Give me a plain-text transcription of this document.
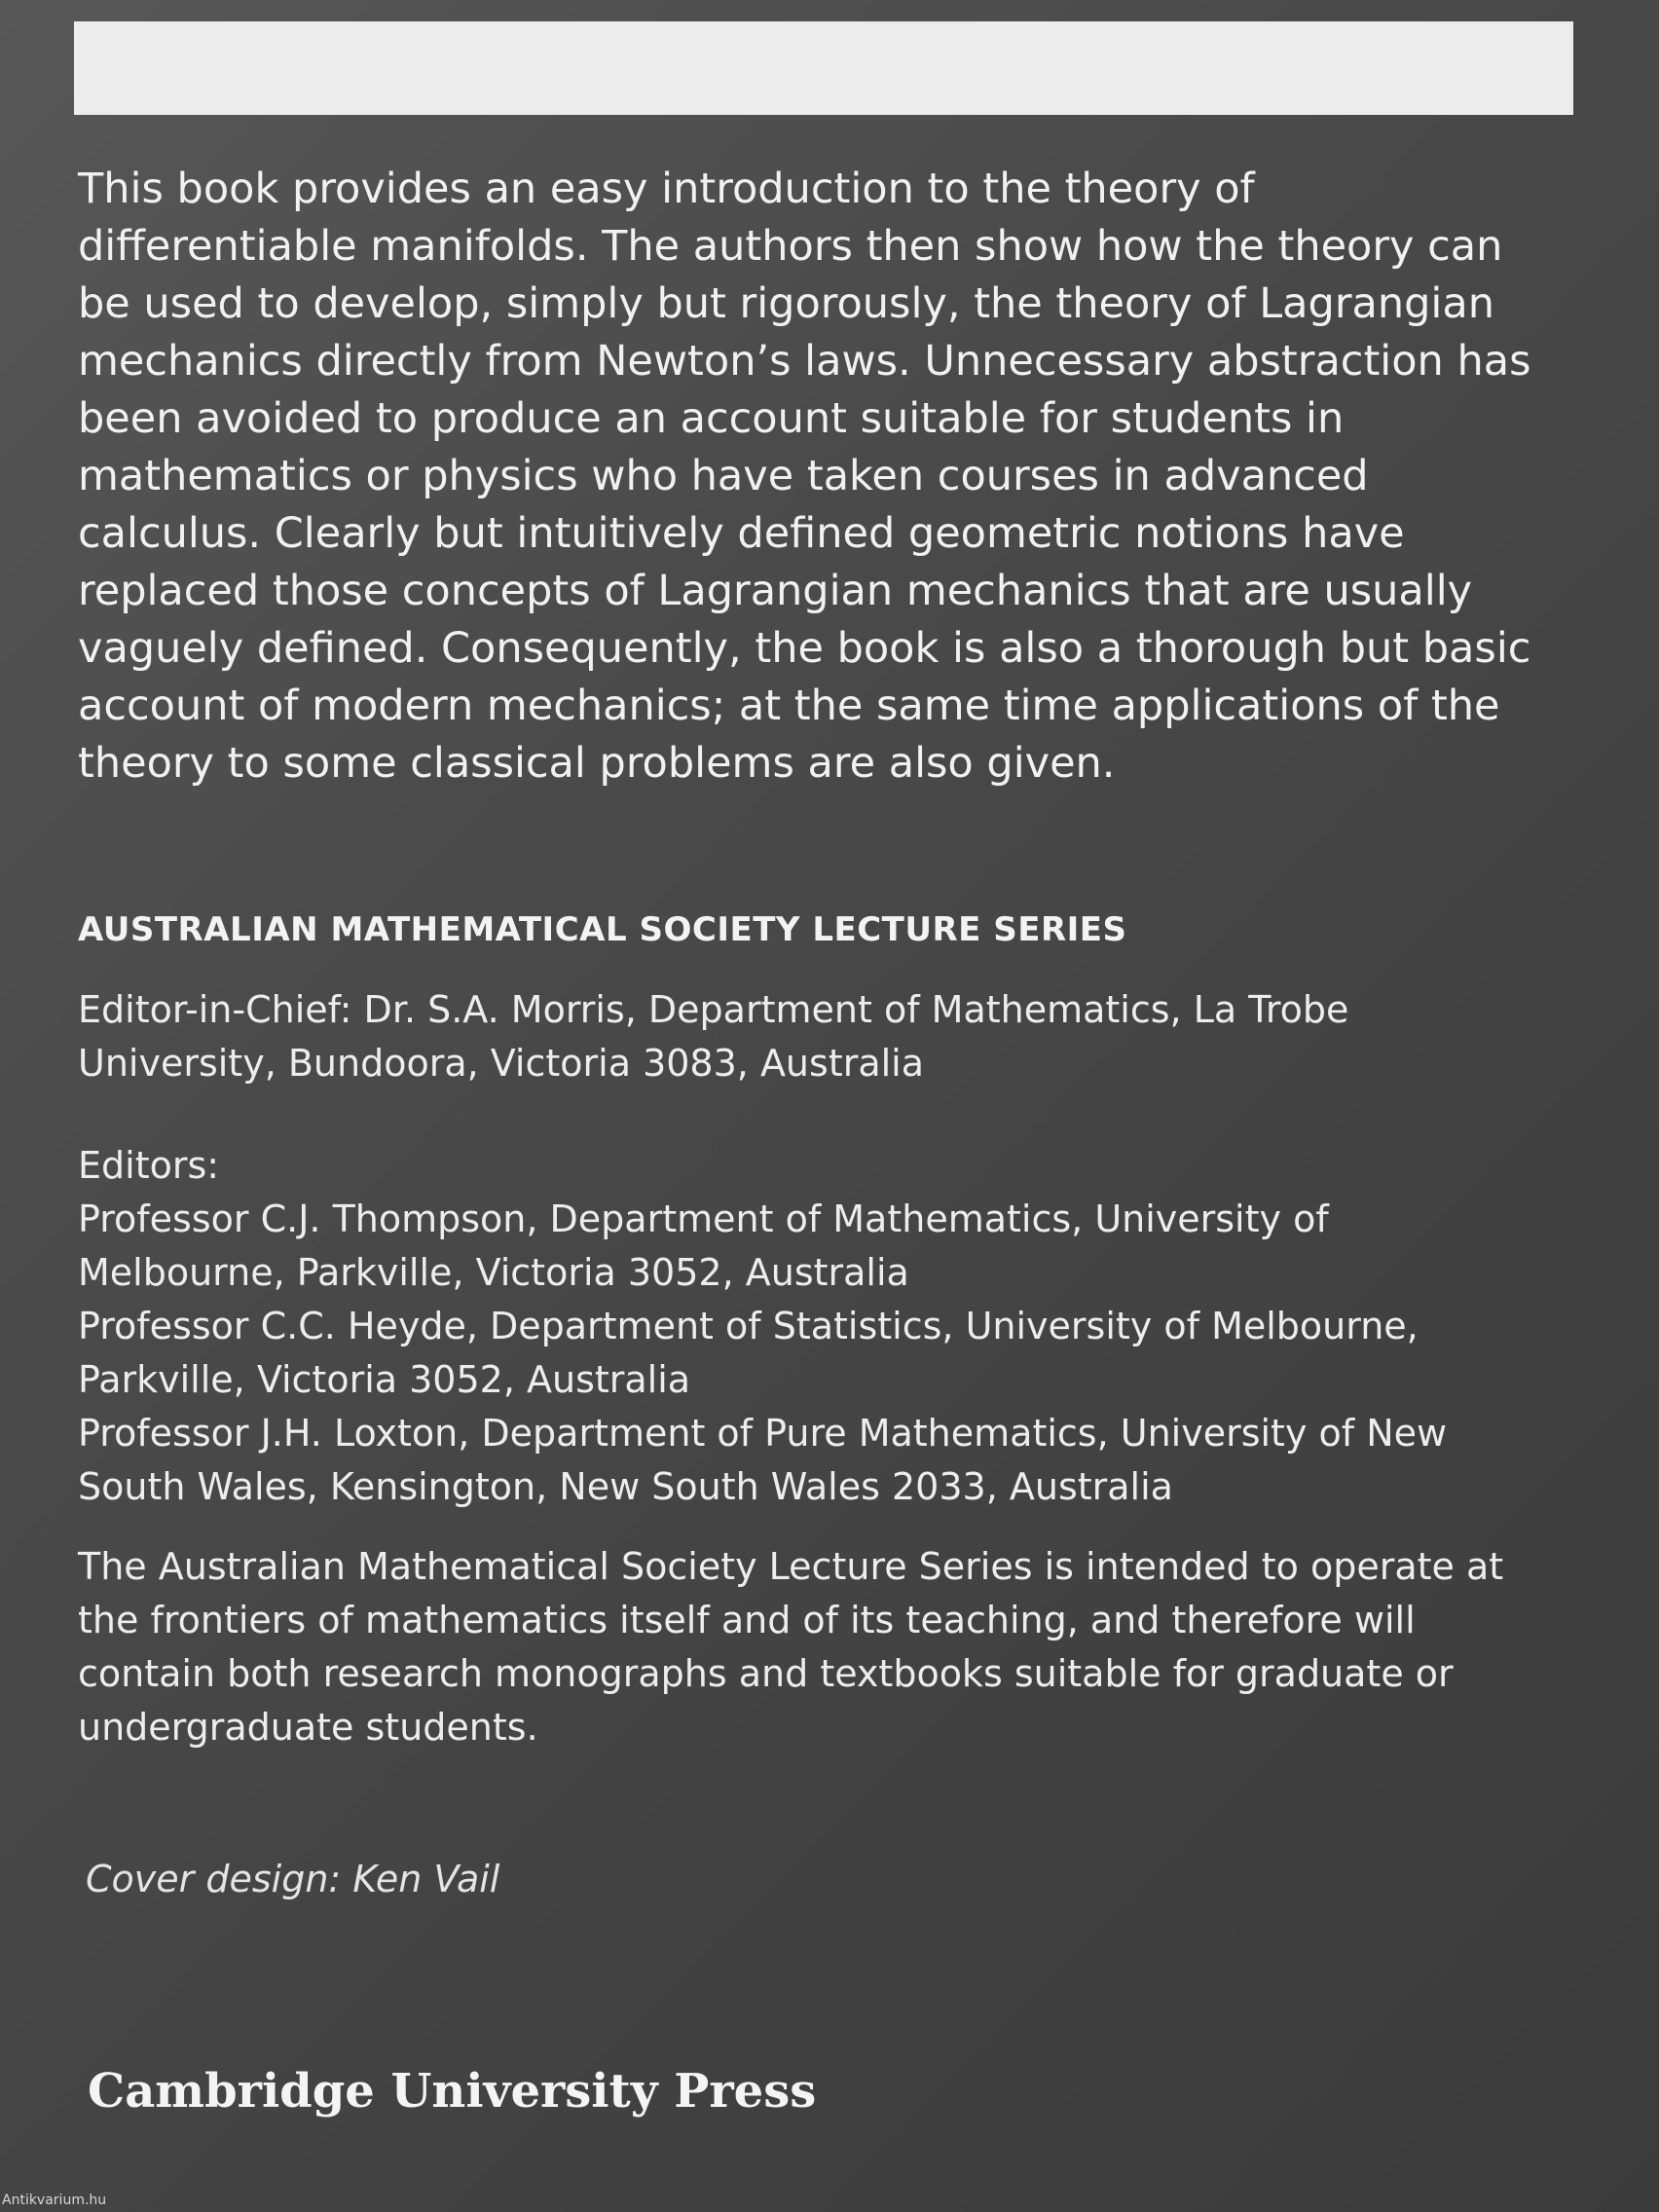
This book provides an easy introduction to the theory of
differentiable manifolds. The authors then show how the theory can
be used to develop, simply but rigorously, the theory of Lagrangian
mechanics directly from Newton’s laws. Unnecessary abstraction has
been avoided to produce an account suitable for students in
mathematics or physics who have taken courses in advanced
calculus. Clearly but intuitively defined geometric notions have
replaced those concepts of Lagrangian mechanics that are usually
vaguely defined. Consequently, the book is also a thorough but basic
account of modern mechanics; at the same time applications of the
theory to some classical problems are also given.

AUSTRALIAN MATHEMATICAL SOCIETY LECTURE SERIES

Editor-in-Chief: Dr. S.A. Morris, Department of Mathematics, La Trobe
University, Bundoora, Victoria 3083, Australia

Editors:
Professor C.J. Thompson, Department of Mathematics, University of
Melbourne, Parkville, Victoria 3052, Australia
Professor C.C. Heyde, Department of Statistics, University of Melbourne,
Parkville, Victoria 3052, Australia
Professor J.H. Loxton, Department of Pure Mathematics, University of New
South Wales, Kensington, New South Wales 2033, Australia

The Australian Mathematical Society Lecture Series is intended to operate at
the frontiers of mathematics itself and of its teaching, and therefore will
contain both research monographs and textbooks suitable for graduate or
undergraduate students.

Cover design: Ken Vail
Cambridge University Press
Antikvarium.hu
